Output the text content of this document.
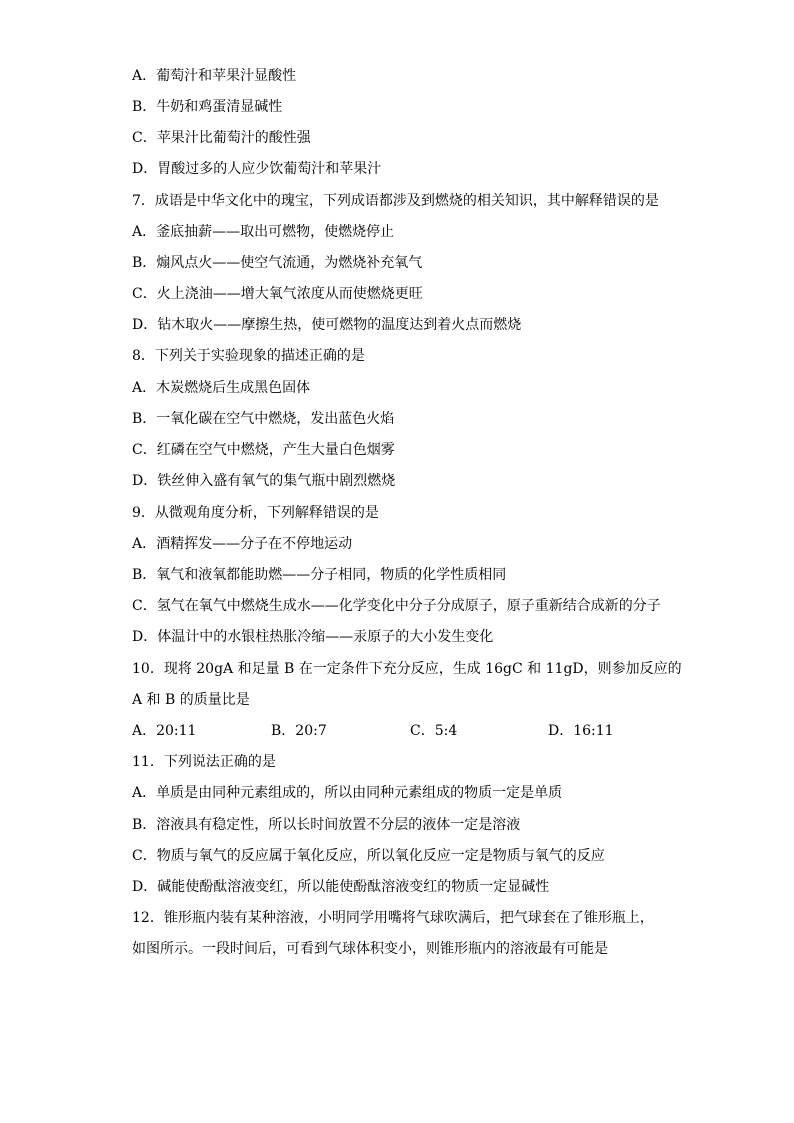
A．葡萄汁和苹果汁显酸性
B．牛奶和鸡蛋清显碱性
C．苹果汁比葡萄汁的酸性强
D．胃酸过多的人应少饮葡萄汁和苹果汁
7．成语是中华文化中的瑰宝，下列成语都涉及到燃烧的相关知识，其中解释错误的是
A．釜底抽薪——取出可燃物，使燃烧停止
B．煽风点火——使空气流通，为燃烧补充氧气
C．火上浇油——增大氧气浓度从而使燃烧更旺
D．钻木取火——摩擦生热，使可燃物的温度达到着火点而燃烧
8．下列关于实验现象的描述正确的是
A．木炭燃烧后生成黑色固体
B．一氧化碳在空气中燃烧，发出蓝色火焰
C．红磷在空气中燃烧，产生大量白色烟雾
D．铁丝伸入盛有氧气的集气瓶中剧烈燃烧
9．从微观角度分析，下列解释错误的是
A．酒精挥发——分子在不停地运动
B．氧气和液氧都能助燃——分子相同，物质的化学性质相同
C．氢气在氧气中燃烧生成水——化学变化中分子分成原子，原子重新结合成新的分子
D．体温计中的水银柱热胀冷缩——汞原子的大小发生变化
10．现将 20gA 和足量 B 在一定条件下充分反应，生成 16gC 和 11gD，则参加反应的
A 和 B 的质量比是
A．20:11	B．20:7	C．5:4	D．16:11
11．下列说法正确的是
A．单质是由同种元素组成的，所以由同种元素组成的物质一定是单质
B．溶液具有稳定性，所以长时间放置不分层的液体一定是溶液
C．物质与氧气的反应属于氧化反应，所以氧化反应一定是物质与氧气的反应
D．碱能使酚酞溶液变红，所以能使酚酞溶液变红的物质一定显碱性
12．锥形瓶内装有某种溶液，小明同学用嘴将气球吹满后，把气球套在了锥形瓶上，
如图所示。一段时间后，可看到气球体积变小，则锥形瓶内的溶液最有可能是
